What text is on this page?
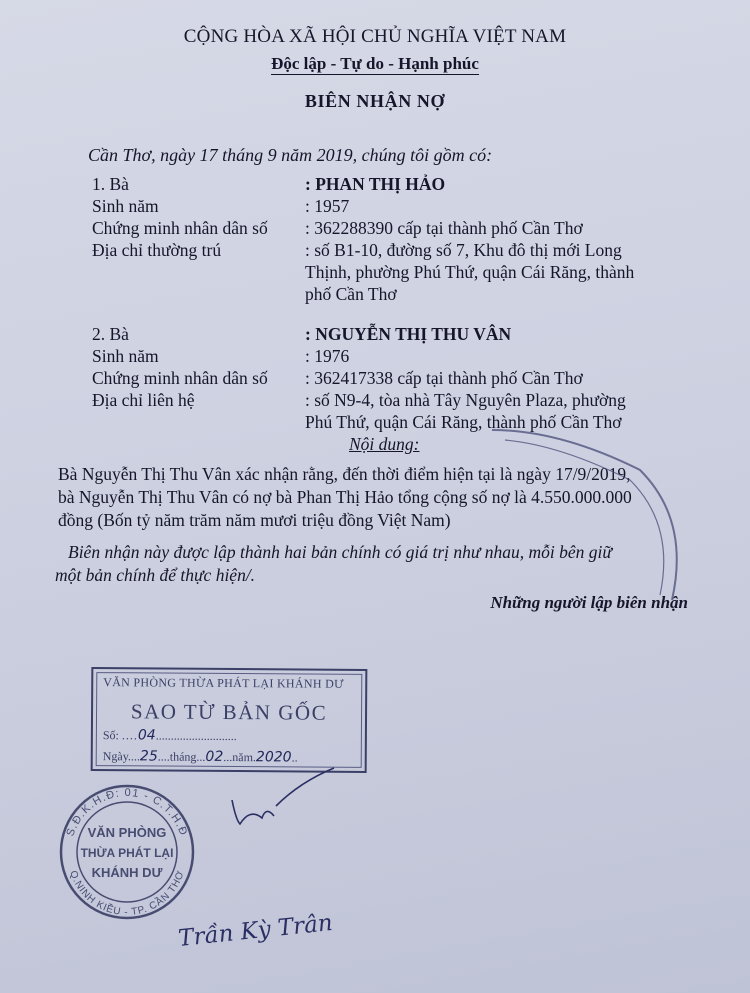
CỘNG HÒA XÃ HỘI CHỦ NGHĨA VIỆT NAM
Độc lập - Tự do - Hạnh phúc
BIÊN NHẬN NỢ
Cần Thơ, ngày 17 tháng 9 năm 2019, chúng tôi gồm có:
1. Bà	: PHAN THỊ HẢO
Sinh năm	: 1957
Chứng minh nhân dân số : 362288390 cấp tại thành phố Cần Thơ
Địa chỉ thường trú	: số B1-10, đường số 7, Khu đô thị mới Long
Thịnh, phường Phú Thứ, quận Cái Răng, thành
phố Cần Thơ
2. Bà	: NGUYỄN THỊ THU VÂN
Sinh năm	: 1976
Chứng minh nhân dân số : 362417338 cấp tại thành phố Cần Thơ
Địa chỉ liên hệ	: số N9-4, tòa nhà Tây Nguyên Plaza, phường
Phú Thứ, quận Cái Răng, thành phố Cần Thơ
Nội dung:
Bà Nguyễn Thị Thu Vân xác nhận rằng, đến thời điểm hiện tại là ngày 17/9/2019,
bà Nguyễn Thị Thu Vân có nợ bà Phan Thị Hảo tổng cộng số nợ là 4.550.000.000
đồng (Bốn tỷ năm trăm năm mươi triệu đồng Việt Nam)
Biên nhận này được lập thành hai bản chính có giá trị như nhau, mỗi bên giữ
một bản chính để thực hiện/.
Những người lập biên nhận
VĂN PHÒNG THỪA PHÁT LẠI KHÁNH DƯ
SAO TỪ BẢN GỐC
Số: ....04...........................
Ngày....25....tháng...02...năm.2020..
S.Đ.K.H.Đ: 01 - C.T.H.Đ
Q.NINH KIỀU - TP. CẦN THƠ
VĂN PHÒNG
THỪA PHÁT LẠI
KHÁNH DƯ
Trần Kỳ Trân
